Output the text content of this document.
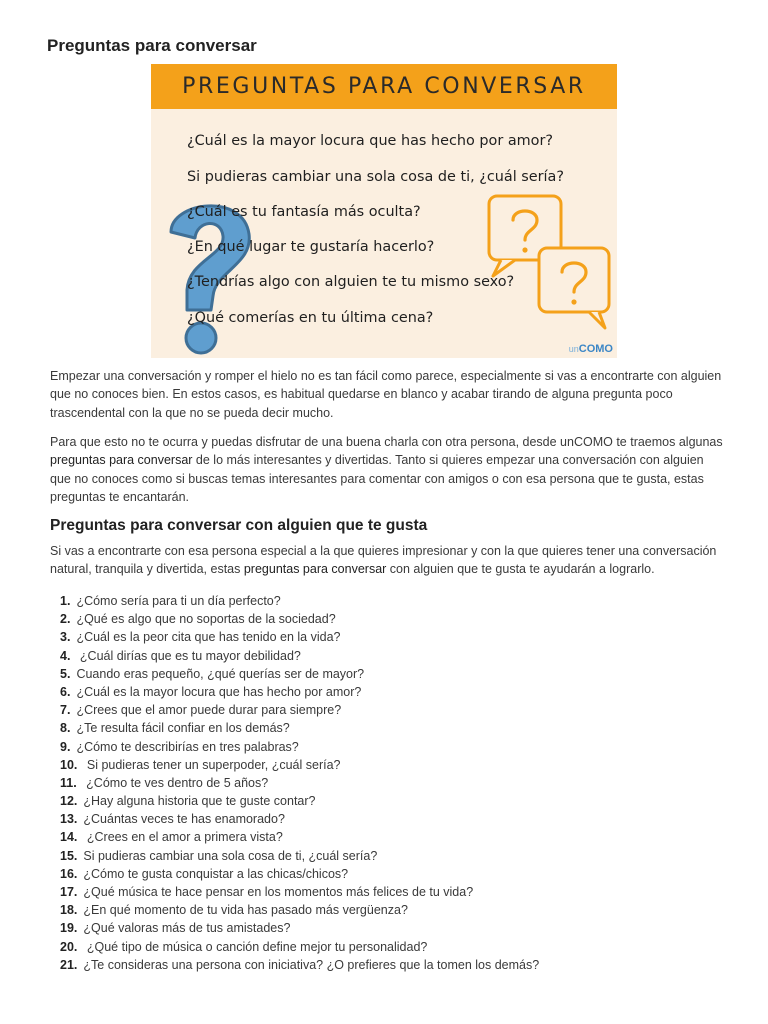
Preguntas para conversar
PREGUNTAS PARA CONVERSAR
¿Cuál es la mayor locura que has hecho por amor?
Si pudieras cambiar una sola cosa de ti, ¿cuál sería?
¿Cuál es tu fantasía más oculta?
¿En qué lugar te gustaría hacerlo?
¿Tendrías algo con alguien te tu mismo sexo?
¿Qué comerías en tu última cena?
unCOMO

Empezar una conversación y romper el hielo no es tan fácil como parece, especialmente si vas a encontrarte con alguien que no conoces bien. En estos casos, es habitual quedarse en blanco y acabar tirando de alguna pregunta poco trascendental con la que no se pueda decir mucho.

Para que esto no te ocurra y puedas disfrutar de una buena charla con otra persona, desde unCOMO te traemos algunas preguntas para conversar de lo más interesantes y divertidas. Tanto si quieres empezar una conversación con alguien que no conoces como si buscas temas interesantes para comentar con amigos o con esa persona que te gusta, estas preguntas te encantarán.

Preguntas para conversar con alguien que te gusta

Si vas a encontrarte con esa persona especial a la que quieres impresionar y con la que quieres tener una conversación natural, tranquila y divertida, estas preguntas para conversar con alguien que te gusta te ayudarán a lograrlo.

1. ¿Cómo sería para ti un día perfecto?
2. ¿Qué es algo que no soportas de la sociedad?
3. ¿Cuál es la peor cita que has tenido en la vida?
4. ¿Cuál dirías que es tu mayor debilidad?
5. Cuando eras pequeño, ¿qué querías ser de mayor?
6. ¿Cuál es la mayor locura que has hecho por amor?
7. ¿Crees que el amor puede durar para siempre?
8. ¿Te resulta fácil confiar en los demás?
9. ¿Cómo te describirías en tres palabras?
10. Si pudieras tener un superpoder, ¿cuál sería?
11. ¿Cómo te ves dentro de 5 años?
12. ¿Hay alguna historia que te guste contar?
13. ¿Cuántas veces te has enamorado?
14. ¿Crees en el amor a primera vista?
15. Si pudieras cambiar una sola cosa de ti, ¿cuál sería?
16. ¿Cómo te gusta conquistar a las chicas/chicos?
17. ¿Qué música te hace pensar en los momentos más felices de tu vida?
18. ¿En qué momento de tu vida has pasado más vergüenza?
19. ¿Qué valoras más de tus amistades?
20. ¿Qué tipo de música o canción define mejor tu personalidad?
21. ¿Te consideras una persona con iniciativa? ¿O prefieres que la tomen los demás?
